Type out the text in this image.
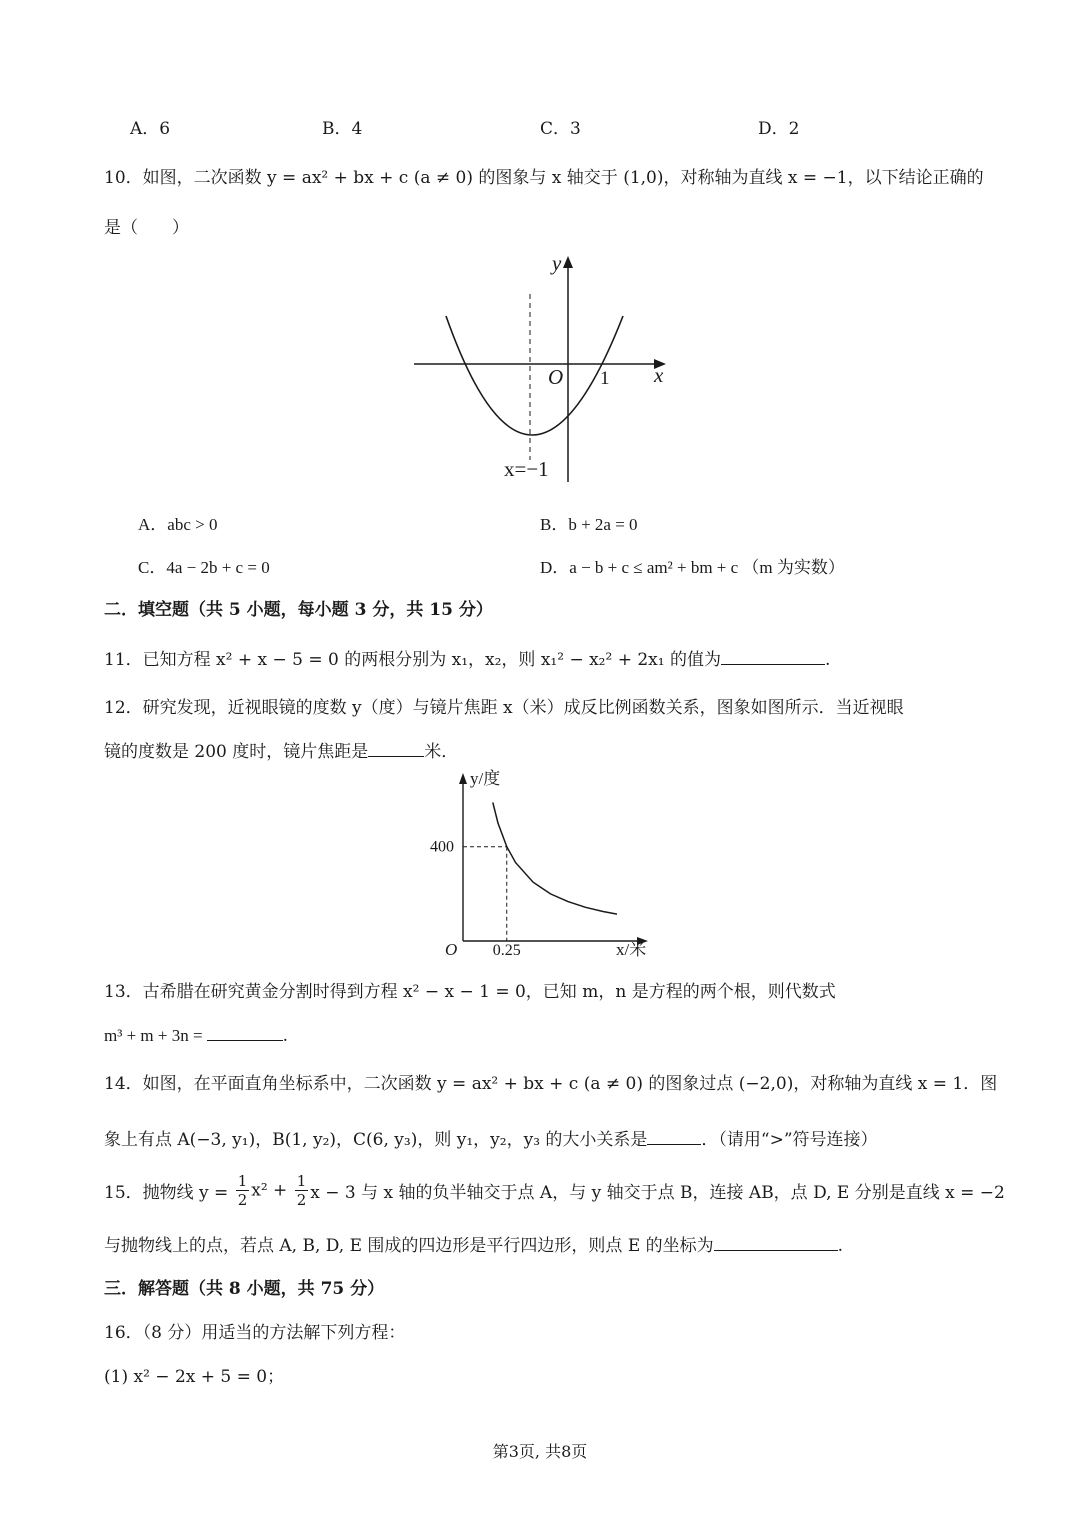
A．6	B．4	C．3	D．2
10．如图，二次函数 y = ax² + bx + c (a ≠ 0) 的图象与 x 轴交于 (1,0)，对称轴为直线 x = −1，以下结论正确的
是（　　）
y
x
O 1
x=−1
A．abc > 0	B．b + 2a = 0
C．4a − 2b + c = 0	D．a − b + c ≤ am² + bm + c （m 为实数）
二．填空题（共 5 小题，每小题 3 分，共 15 分）
11．已知方程 x² + x − 5 = 0 的两根分别为 x₁，x₂，则 x₁² − x₂² + 2x₁ 的值为	.
12．研究发现，近视眼镜的度数 y（度）与镜片焦距 x（米）成反比例函数关系，图象如图所示．当近视眼
镜的度数是 200 度时，镜片焦距是	米．
y/度
x/米
O
400
0.25
13．古希腊在研究黄金分割时得到方程 x² − x − 1 = 0，已知 m，n 是方程的两个根，则代数式
m³ + m + 3n =	.
14．如图，在平面直角坐标系中，二次函数 y = ax² + bx + c (a ≠ 0) 的图象过点 (−2,0)，对称轴为直线 x = 1．图
象上有点 A(−3, y₁)，B(1, y₂)，C(6, y₃)，则 y₁，y₂，y₃ 的大小关系是	．（请用“>”符号连接）
15．抛物线 $y = \frac{1}{2} x^2 + \frac{1}{2}$ x − 3 与 x 轴的负半轴交于点 A，与 y 轴交于点 B，连接 AB，点 D, E 分别是直线 x = −2
与抛物线上的点，若点 A, B, D, E 围成的四边形是平行四边形，则点 E 的坐标为	.
三．解答题（共 8 小题，共 75 分）
16．（8 分）用适当的方法解下列方程：
(1) x² − 2x + 5 = 0；
第3页, 共8页
